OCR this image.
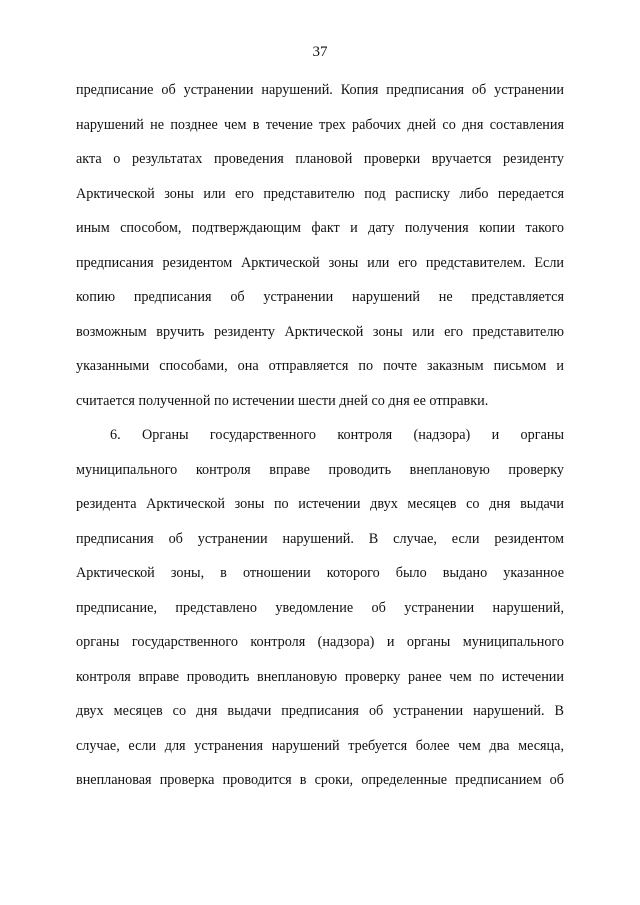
37
предписание об устранении нарушений. Копия предписания об устранении
нарушений не позднее чем в течение трех рабочих дней со дня составления
акта о результатах проведения плановой проверки вручается резиденту
Арктической зоны или его представителю под расписку либо передается
иным способом, подтверждающим факт и дату получения копии такого
предписания резидентом Арктической зоны или его представителем. Если
копию предписания об устранении нарушений не представляется
возможным вручить резиденту Арктической зоны или его представителю
указанными способами, она отправляется по почте заказным письмом и
считается полученной по истечении шести дней со дня ее отправки.
6. Органы государственного контроля (надзора) и органы
муниципального контроля вправе проводить внеплановую проверку
резидента Арктической зоны по истечении двух месяцев со дня выдачи
предписания об устранении нарушений. В случае, если резидентом
Арктической зоны, в отношении которого было выдано указанное
предписание, представлено уведомление об устранении нарушений,
органы государственного контроля (надзора) и органы муниципального
контроля вправе проводить внеплановую проверку ранее чем по истечении
двух месяцев со дня выдачи предписания об устранении нарушений. В
случае, если для устранения нарушений требуется более чем два месяца,
внеплановая проверка проводится в сроки, определенные предписанием об
